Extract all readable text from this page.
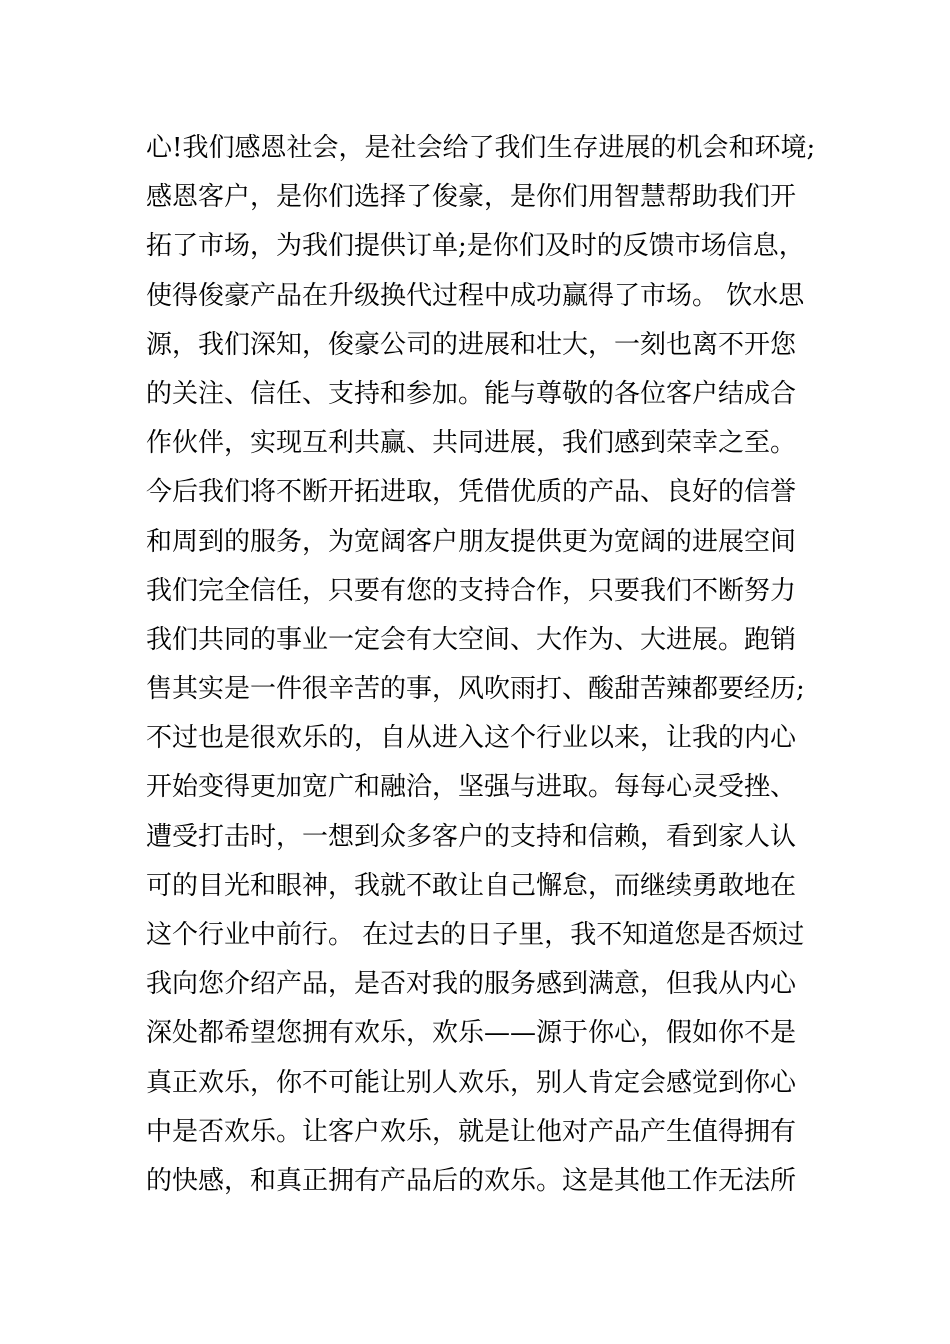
心!我们感恩社会，是社会给了我们生存进展的机会和环境;
感恩客户，是你们选择了俊豪，是你们用智慧帮助我们开
拓了市场，为我们提供订单;是你们及时的反馈市场信息，
使得俊豪产品在升级换代过程中成功赢得了市场。 饮水思
源，我们深知，俊豪公司的进展和壮大，一刻也离不开您
的关注、信任、支持和参加。能与尊敬的各位客户结成合
作伙伴，实现互利共赢、共同进展，我们感到荣幸之至。
今后我们将不断开拓进取，凭借优质的产品、良好的信誉
和周到的服务，为宽阔客户朋友提供更为宽阔的进展空间
我们完全信任，只要有您的支持合作，只要我们不断努力
我们共同的事业一定会有大空间、大作为、大进展。跑销
售其实是一件很辛苦的事，风吹雨打、酸甜苦辣都要经历;
不过也是很欢乐的，自从进入这个行业以来，让我的内心
开始变得更加宽广和融洽，坚强与进取。每每心灵受挫、
遭受打击时，一想到众多客户的支持和信赖，看到家人认
可的目光和眼神，我就不敢让自己懈怠，而继续勇敢地在
这个行业中前行。 在过去的日子里，我不知道您是否烦过
我向您介绍产品，是否对我的服务感到满意，但我从内心
深处都希望您拥有欢乐，欢乐——源于你心，假如你不是
真正欢乐，你不可能让别人欢乐，别人肯定会感觉到你心
中是否欢乐。让客户欢乐，就是让他对产品产生值得拥有
的快感，和真正拥有产品后的欢乐。这是其他工作无法所
